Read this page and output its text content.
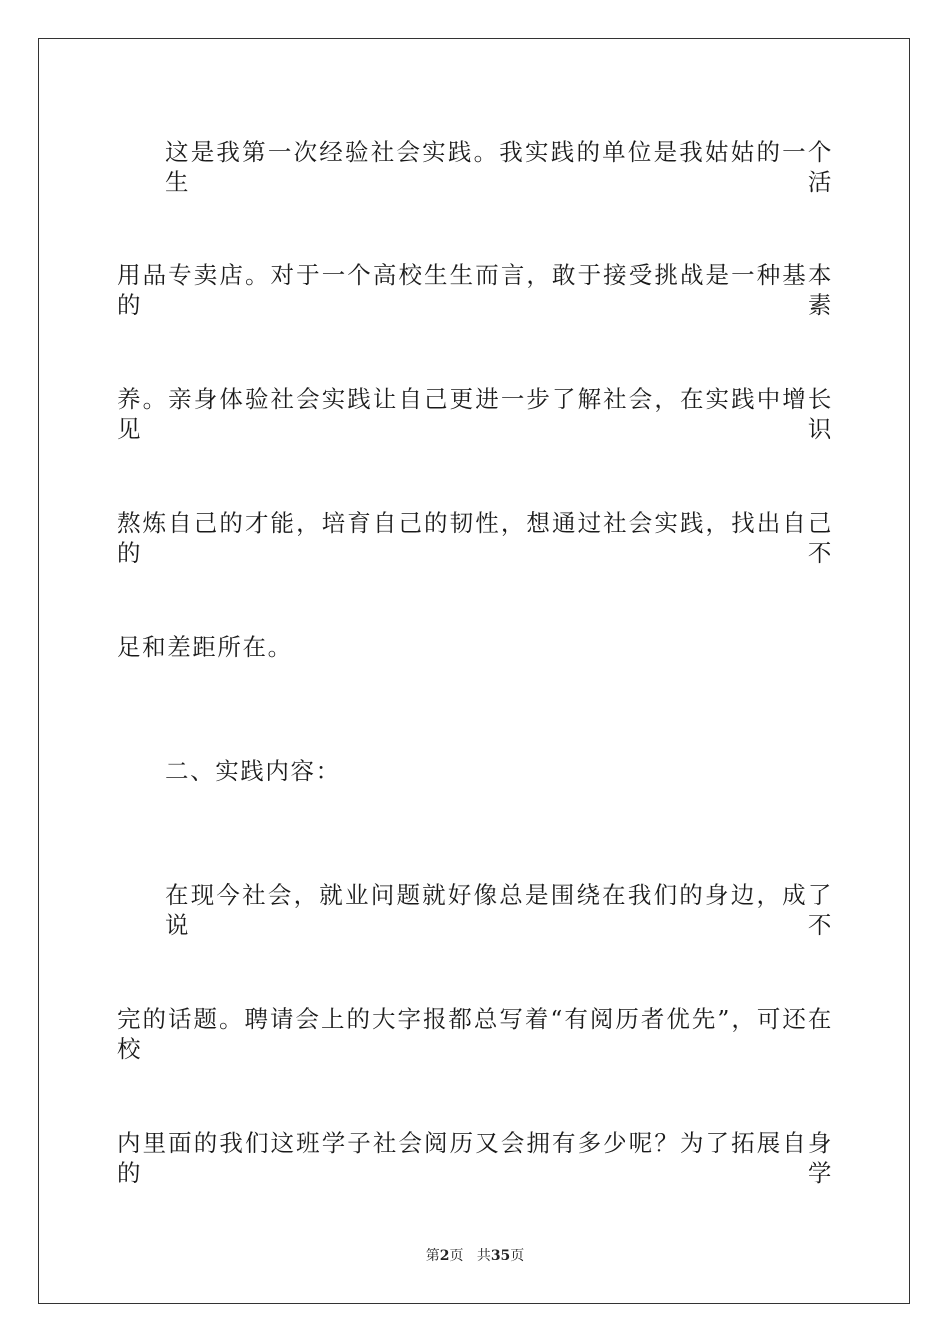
这是我第一次经验社会实践。我实践的单位是我姑姑的一个生活
用品专卖店。对于一个高校生生而言，敢于接受挑战是一种基本的素
养。亲身体验社会实践让自己更进一步了解社会，在实践中增长见识
熬炼自己的才能，培育自己的韧性，想通过社会实践，找出自己的不
足和差距所在。
二、实践内容：
在现今社会，就业问题就好像总是围绕在我们的身边，成了说不
完的话题。聘请会上的大字报都总写着“有阅历者优先”，可还在校
内里面的我们这班学子社会阅历又会拥有多少呢？为了拓展自身的学
第2页 共35页
